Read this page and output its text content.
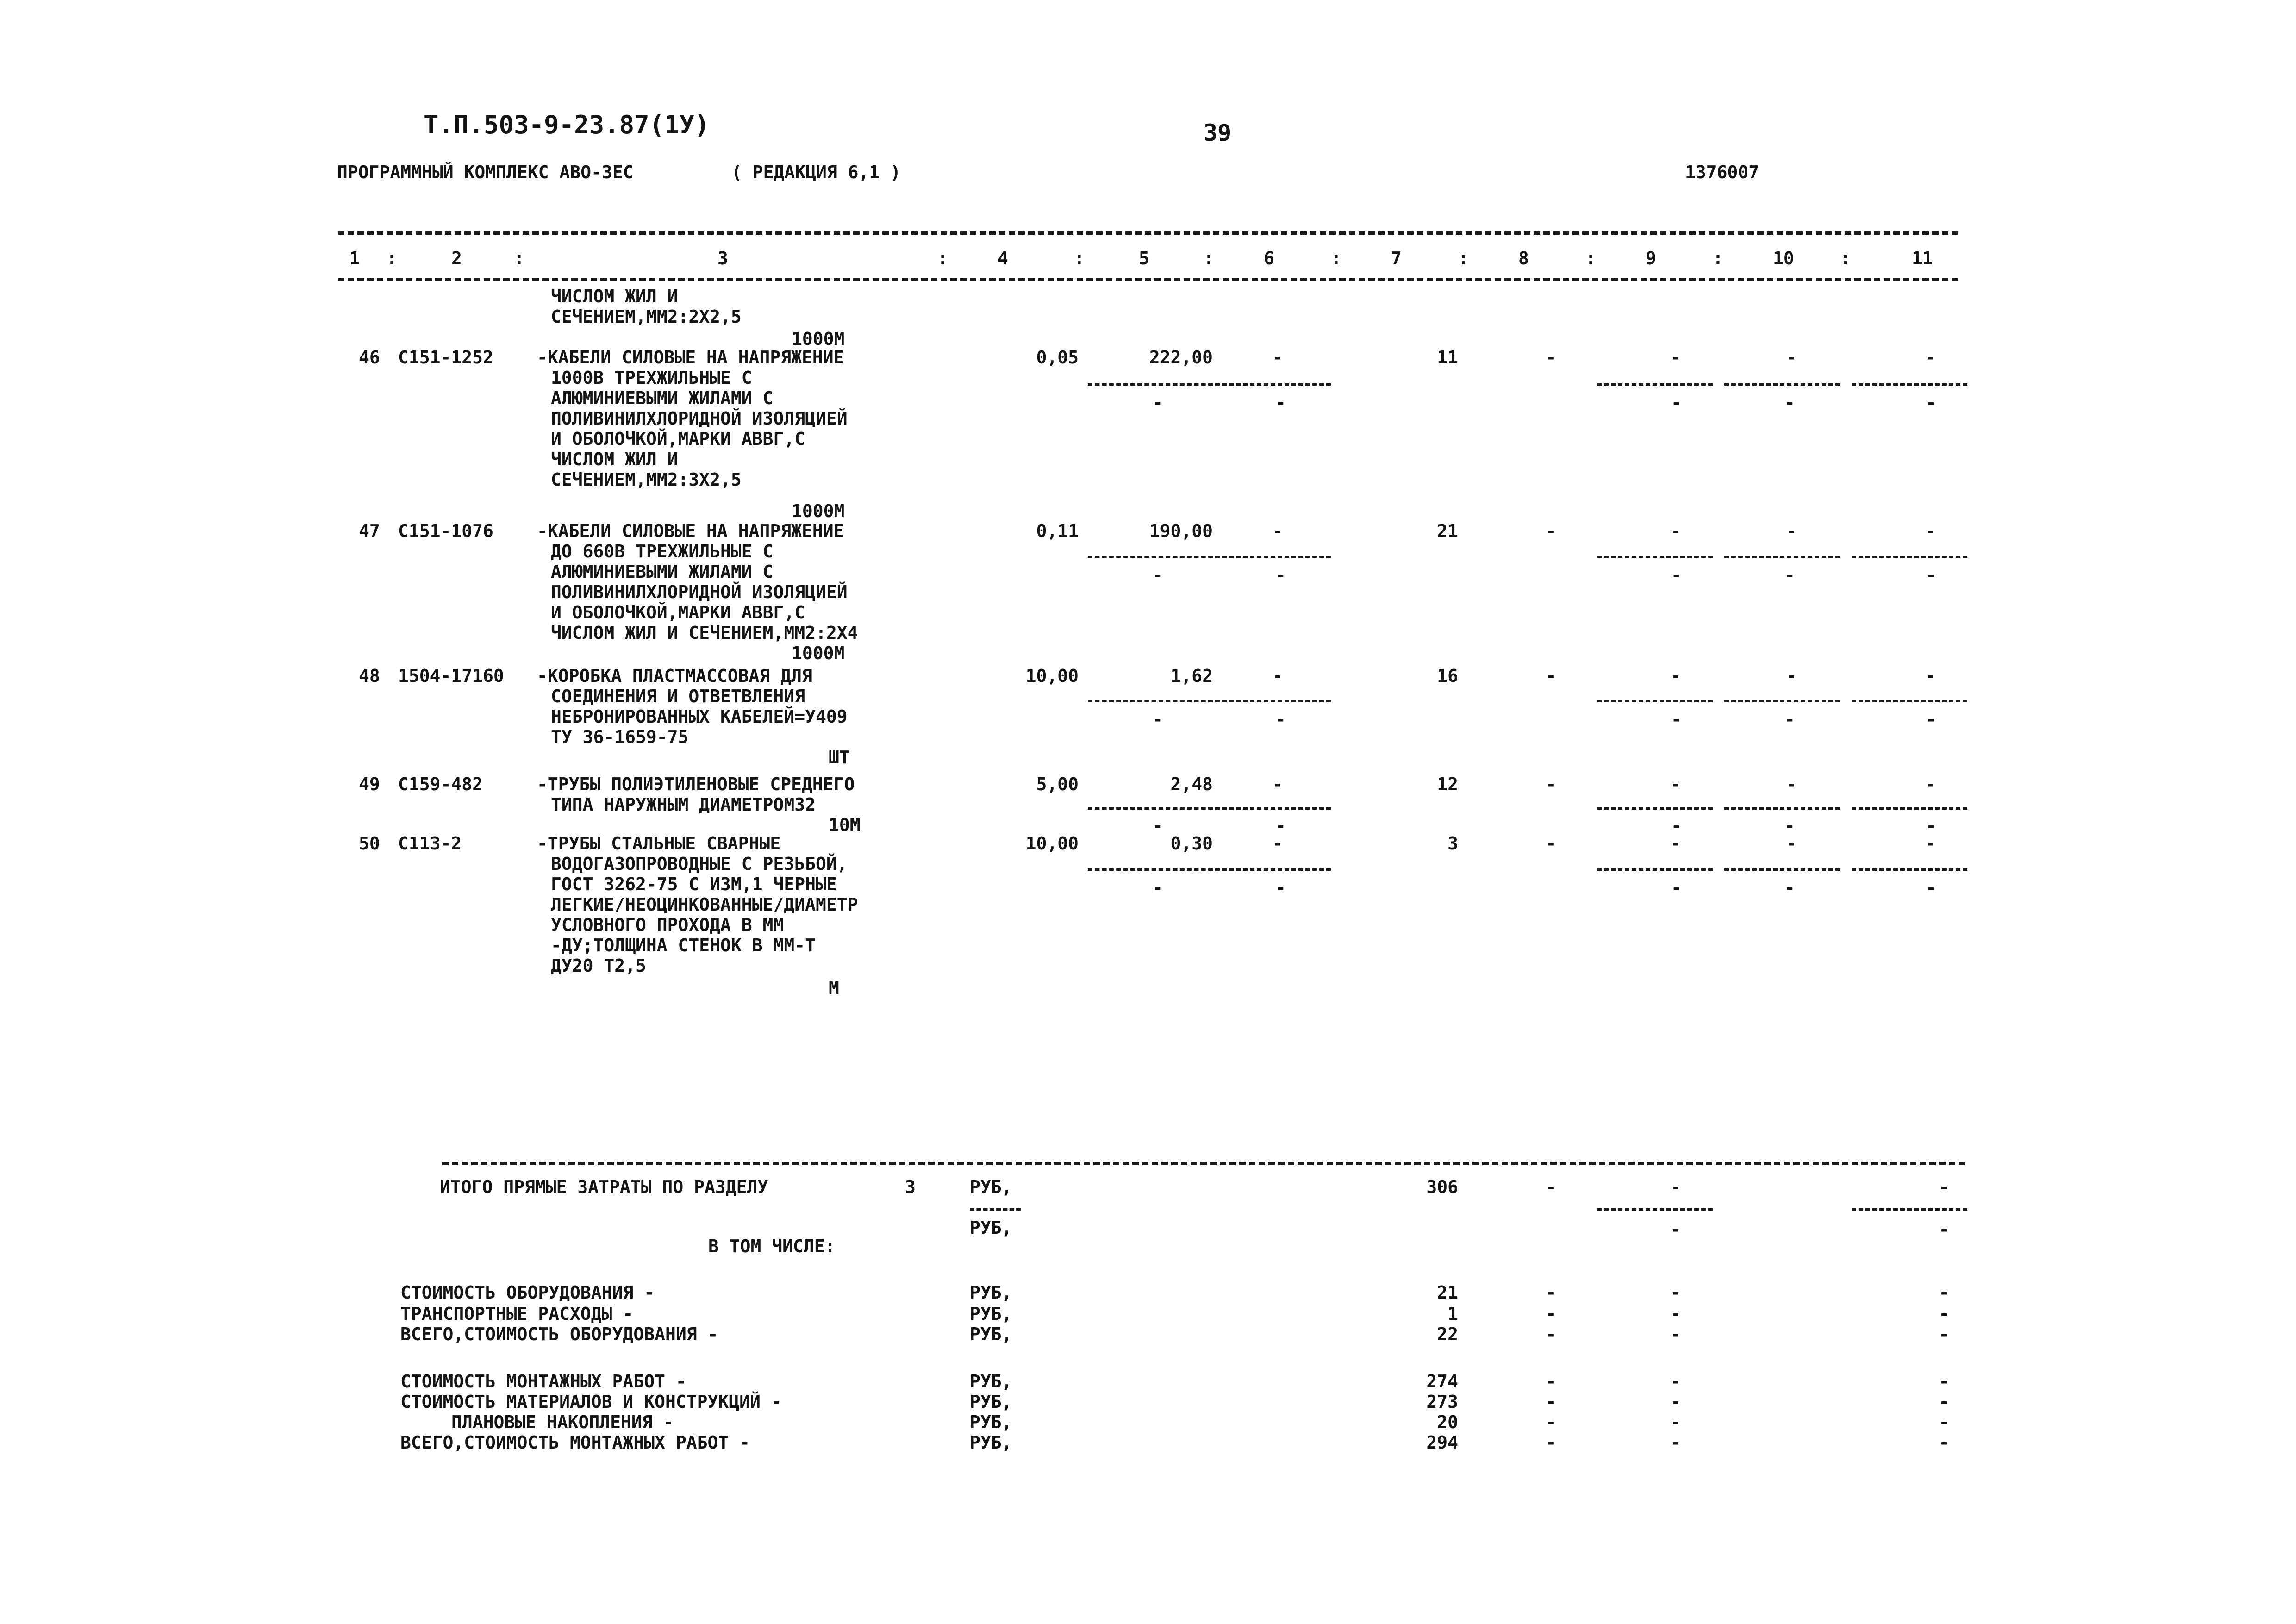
Т.П.503-9-23.87(1У)	39
ПРОГРАММНЫЙ КОМПЛЕКС АВО-3ЕС	( РЕДАКЦИЯ 6,1 )	1376007
1	2	3	4	5	6	7	8	9	10	11
:	:	:	:	:	:	:	:	:	:
ЧИСЛОМ ЖИЛ И
СЕЧЕНИЕМ,ММ2:2Х2,5
1000М
46 С151-1252 -КАБЕЛИ СИЛОВЫЕ НА НАПРЯЖЕНИЕ
1000В ТРЕХЖИЛЬНЫЕ С
АЛЮМИНИЕВЫМИ ЖИЛАМИ С
ПОЛИВИНИЛХЛОРИДНОЙ ИЗОЛЯЦИЕЙ
И ОБОЛОЧКОЙ,МАРКИ АВВГ,С
ЧИСЛОМ ЖИЛ И
СЕЧЕНИЕМ,ММ2:3Х2,5
1000М
0,05	222,00	-	11	-	-	-	-
-	-	-	-	-
47 С151-1076 -КАБЕЛИ СИЛОВЫЕ НА НАПРЯЖЕНИЕ
ДО 660В ТРЕХЖИЛЬНЫЕ С
АЛЮМИНИЕВЫМИ ЖИЛАМИ С
ПОЛИВИНИЛХЛОРИДНОЙ ИЗОЛЯЦИЕЙ
И ОБОЛОЧКОЙ,МАРКИ АВВГ,С
ЧИСЛОМ ЖИЛ И СЕЧЕНИЕМ,ММ2:2Х4
1000М
0,11	190,00	-	21	-	-	-	-
-	-	-	-	-
48 1504-17160 -КОРОБКА ПЛАСТМАССОВАЯ ДЛЯ
СОЕДИНЕНИЯ И ОТВЕТВЛЕНИЯ
НЕБРОНИРОВАННЫХ КАБЕЛЕЙ=У409
ТУ 36-1659-75
ШТ
10,00	1,62	-	16	-	-	-	-
-	-	-	-	-
49 С159-482	-ТРУБЫ ПОЛИЭТИЛЕНОВЫЕ СРЕДНЕГО
ТИПА НАРУЖНЫМ ДИАМЕТРОМ32
10М
5,00	2,48	-	12	-	-	-	-
-	-	-	-	-
50 С113-2	-ТРУБЫ СТАЛЬНЫЕ СВАРНЫЕ
ВОДОГАЗОПРОВОДНЫЕ С РЕЗЬБОЙ,
ГОСТ 3262-75 С ИЗМ,1 ЧЕРНЫЕ
ЛЕГКИЕ/НЕОЦИНКОВАННЫЕ/ДИАМЕТР
УСЛОВНОГО ПРОХОДА В ММ
-ДУ;ТОЛЩИНА СТЕНОК В ММ-Т
ДУ20 Т2,5
М
10,00	0,30	-	3	-	-	-	-
-	-	-	-	-
ИТОГО ПРЯМЫЕ ЗАТРАТЫ ПО РАЗДЕЛУ	3	РУБ,	306	-	-	-
РУБ,	-	-
В ТОМ ЧИСЛЕ:
СТОИМОСТЬ ОБОРУДОВАНИЯ -	РУБ,	21	-	-	-
ТРАНСПОРТНЫЕ РАСХОДЫ -	РУБ,	1	-	-	-
ВСЕГО,СТОИМОСТЬ ОБОРУДОВАНИЯ -	РУБ,	22	-	-	-
СТОИМОСТЬ МОНТАЖНЫХ РАБОТ -	РУБ,	274	-	-	-
СТОИМОСТЬ МАТЕРИАЛОВ И КОНСТРУКЦИЙ -	РУБ,	273	-	-	-
ПЛАНОВЫЕ НАКОПЛЕНИЯ -	РУБ,	20	-	-	-
ВСЕГО,СТОИМОСТЬ МОНТАЖНЫХ РАБОТ -	РУБ,	294	-	-	-
